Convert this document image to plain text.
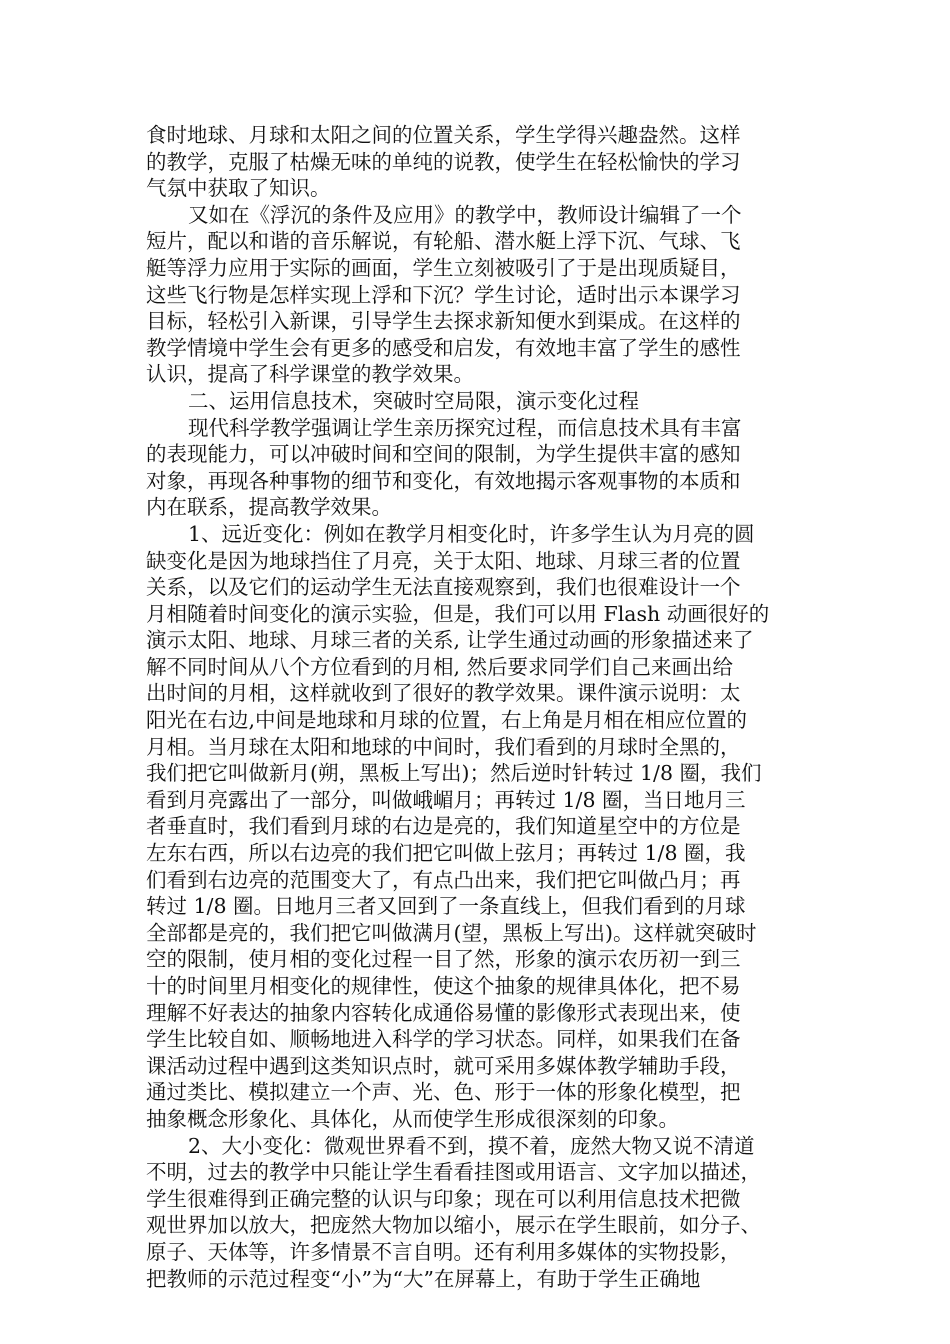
食时地球、月球和太阳之间的位置关系，学生学得兴趣盎然。这样
的教学，克服了枯燥无味的单纯的说教，使学生在轻松愉快的学习
气氛中获取了知识。
又如在《浮沉的条件及应用》的教学中，教师设计编辑了一个
短片，配以和谐的音乐解说，有轮船、潜水艇上浮下沉、气球、飞
艇等浮力应用于实际的画面，学生立刻被吸引了于是出现质疑目，
这些飞行物是怎样实现上浮和下沉？学生讨论，适时出示本课学习
目标，轻松引入新课，引导学生去探求新知便水到渠成。在这样的
教学情境中学生会有更多的感受和启发，有效地丰富了学生的感性
认识，提高了科学课堂的教学效果。
二、运用信息技术，突破时空局限，演示变化过程
现代科学教学强调让学生亲历探究过程，而信息技术具有丰富
的表现能力，可以冲破时间和空间的限制，为学生提供丰富的感知
对象，再现各种事物的细节和变化，有效地揭示客观事物的本质和
内在联系，提高教学效果。
1、远近变化：例如在教学月相变化时，许多学生认为月亮的圆
缺变化是因为地球挡住了月亮，关于太阳、地球、月球三者的位置
关系，以及它们的运动学生无法直接观察到，我们也很难设计一个
月相随着时间变化的演示实验，但是，我们可以用 Flash 动画很好的
演示太阳、地球、月球三者的关系, 让学生通过动画的形象描述来了
解不同时间从八个方位看到的月相, 然后要求同学们自己来画出给
出时间的月相，这样就收到了很好的教学效果。课件演示说明：太
阳光在右边,中间是地球和月球的位置，右上角是月相在相应位置的
月相。当月球在太阳和地球的中间时，我们看到的月球时全黑的，
我们把它叫做新月(朔，黑板上写出)；然后逆时针转过 1/8 圈，我们
看到月亮露出了一部分，叫做峨嵋月；再转过 1/8 圈，当日地月三
者垂直时，我们看到月球的右边是亮的，我们知道星空中的方位是
左东右西，所以右边亮的我们把它叫做上弦月；再转过 1/8 圈，我
们看到右边亮的范围变大了，有点凸出来，我们把它叫做凸月；再
转过 1/8 圈。日地月三者又回到了一条直线上，但我们看到的月球
全部都是亮的，我们把它叫做满月(望，黑板上写出)。这样就突破时
空的限制，使月相的变化过程一目了然，形象的演示农历初一到三
十的时间里月相变化的规律性，使这个抽象的规律具体化，把不易
理解不好表达的抽象内容转化成通俗易懂的影像形式表现出来，使
学生比较自如、顺畅地进入科学的学习状态。同样，如果我们在备
课活动过程中遇到这类知识点时，就可采用多媒体教学辅助手段，
通过类比、模拟建立一个声、光、色、形于一体的形象化模型，把
抽象概念形象化、具体化，从而使学生形成很深刻的印象。
2、大小变化：微观世界看不到，摸不着，庞然大物又说不清道
不明，过去的教学中只能让学生看看挂图或用语言、文字加以描述，
学生很难得到正确完整的认识与印象；现在可以利用信息技术把微
观世界加以放大，把庞然大物加以缩小，展示在学生眼前，如分子、
原子、天体等，许多情景不言自明。还有利用多媒体的实物投影，
把教师的示范过程变“小”为“大”在屏幕上，有助于学生正确地
